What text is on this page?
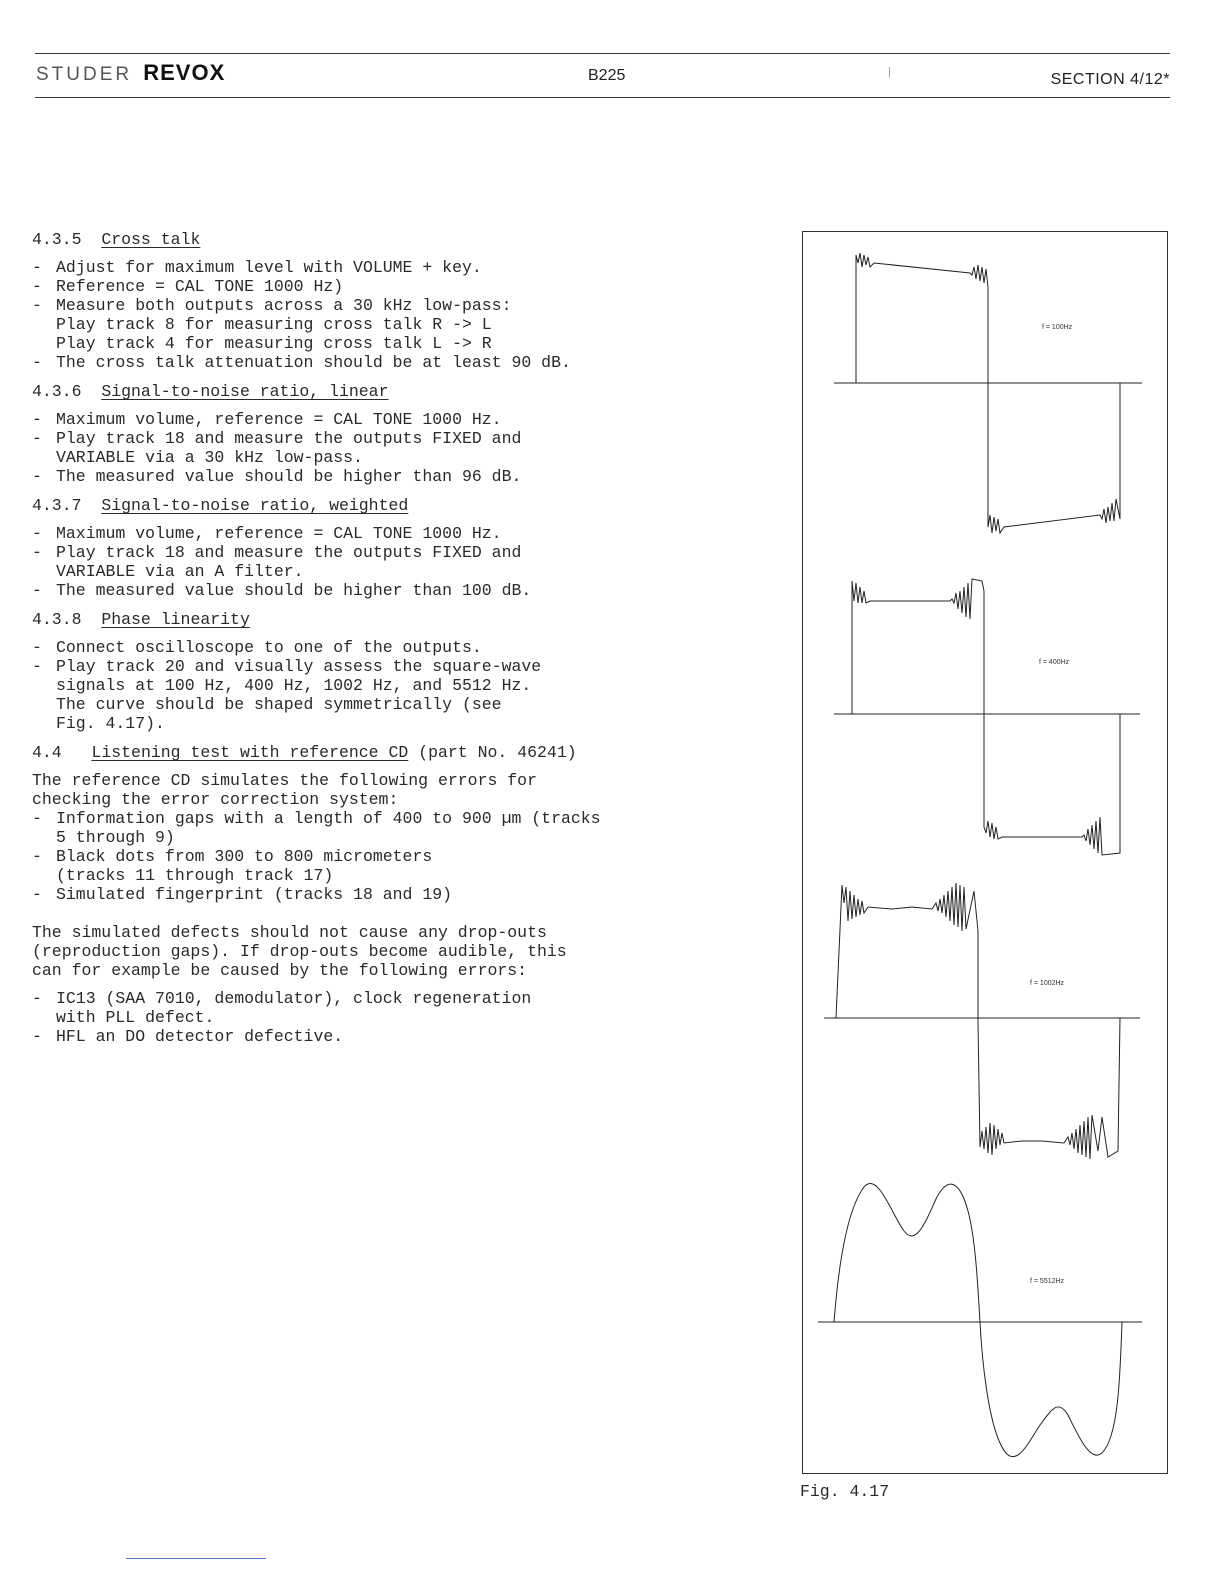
STUDER REVOX	B225	|	SECTION 4/12*

4.3.5 Cross talk

- Adjust for maximum level with VOLUME + key.

- Reference = CAL TONE 1000 Hz)

- Measure both outputs across a 30 kHz low-pass:

Play track 8 for measuring cross talk R -> L

Play track 4 for measuring cross talk L -> R

- The cross talk attenuation should be at least 90 dB.

4.3.6 Signal-to-noise ratio, linear

- Maximum volume, reference = CAL TONE 1000 Hz.

- Play track 18 and measure the outputs FIXED and
VARIABLE via a 30 kHz low-pass.

- The measured value should be higher than 96 dB.

4.3.7 Signal-to-noise ratio, weighted

- Maximum volume, reference = CAL TONE 1000 Hz.

- Play track 18 and measure the outputs FIXED and
VARIABLE via an A filter.

- The measured value should be higher than 100 dB.

4.3.8 Phase linearity

- Connect oscilloscope to one of the outputs.

- Play track 20 and visually assess the square-wave
signals at 100 Hz, 400 Hz, 1002 Hz, and 5512 Hz.
The curve should be shaped symmetrically (see
Fig. 4.17).

4.4 Listening test with reference CD (part No. 46241)

The reference CD simulates the following errors for
checking the error correction system:

- Information gaps with a length of 400 to 900 µm (tracks
5 through 9)

- Black dots from 300 to 800 micrometers
(tracks 11 through track 17)

- Simulated fingerprint (tracks 18 and 19)

The simulated defects should not cause any drop-outs
(reproduction gaps). If drop-outs become audible, this
can for example be caused by the following errors:

- IC13 (SAA 7010, demodulator), clock regeneration
with PLL defect.

- HFL an DO detector defective.

f = 100Hz
f = 400Hz
f = 1002Hz
f = 5512Hz
Fig. 4.17
